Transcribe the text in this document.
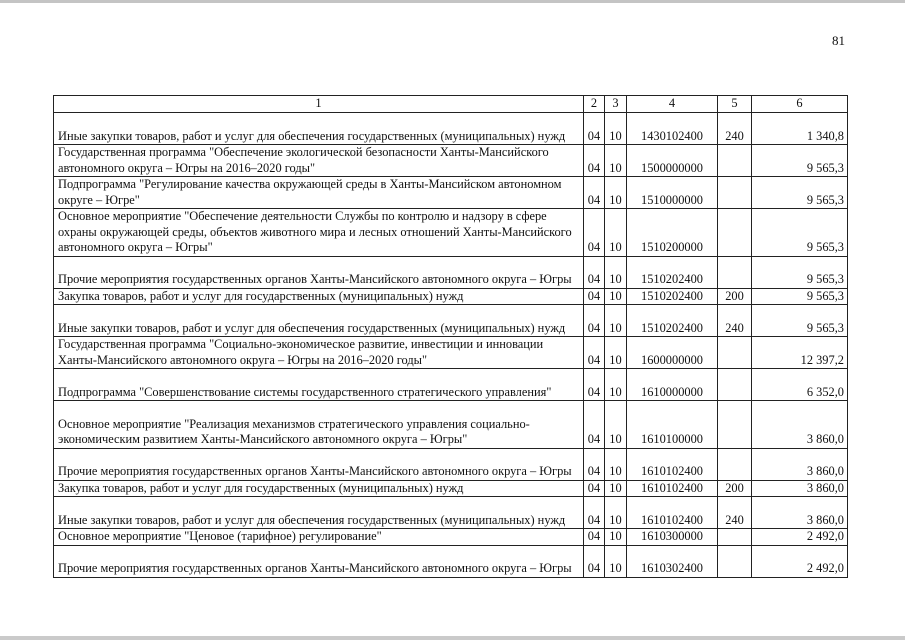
81
1	2	3	4	5	6
Иные закупки товаров, работ и услуг для обеспечения государственных (муниципальных) нужд	04	10	1430102400	240	1 340,8
Государственная программа "Обеспечение экологической безопасности Ханты-Мансийского автономного округа – Югры на 2016–2020 годы"	04	10	1500000000		9 565,3
Подпрограмма "Регулирование качества окружающей среды в Ханты-Мансийском автономном округе – Югре"	04	10	1510000000		9 565,3
Основное мероприятие "Обеспечение деятельности Службы по контролю и надзору в сфере охраны окружающей среды, объектов животного мира и лесных отношений Ханты-Мансийского автономного округа – Югры"	04	10	1510200000		9 565,3
Прочие мероприятия государственных органов Ханты-Мансийского автономного округа – Югры	04	10	1510202400		9 565,3
Закупка товаров, работ и услуг для государственных (муниципальных) нужд	04	10	1510202400	200	9 565,3
Иные закупки товаров, работ и услуг для обеспечения государственных (муниципальных) нужд	04	10	1510202400	240	9 565,3
Государственная программа "Социально-экономическое развитие, инвестиции и инновации Ханты-Мансийского автономного округа – Югры на 2016–2020 годы"	04	10	1600000000		12 397,2
Подпрограмма "Совершенствование системы государственного стратегического управления"	04	10	1610000000		6 352,0
Основное мероприятие "Реализация механизмов стратегического управления социально-экономическим развитием Ханты-Мансийского автономного округа – Югры"	04	10	1610100000		3 860,0
Прочие мероприятия государственных органов Ханты-Мансийского автономного округа – Югры	04	10	1610102400		3 860,0
Закупка товаров, работ и услуг для государственных (муниципальных) нужд	04	10	1610102400	200	3 860,0
Иные закупки товаров, работ и услуг для обеспечения государственных (муниципальных) нужд	04	10	1610102400	240	3 860,0
Основное мероприятие "Ценовое (тарифное) регулирование"	04	10	1610300000		2 492,0
Прочие мероприятия государственных органов Ханты-Мансийского автономного округа – Югры	04	10	1610302400		2 492,0
